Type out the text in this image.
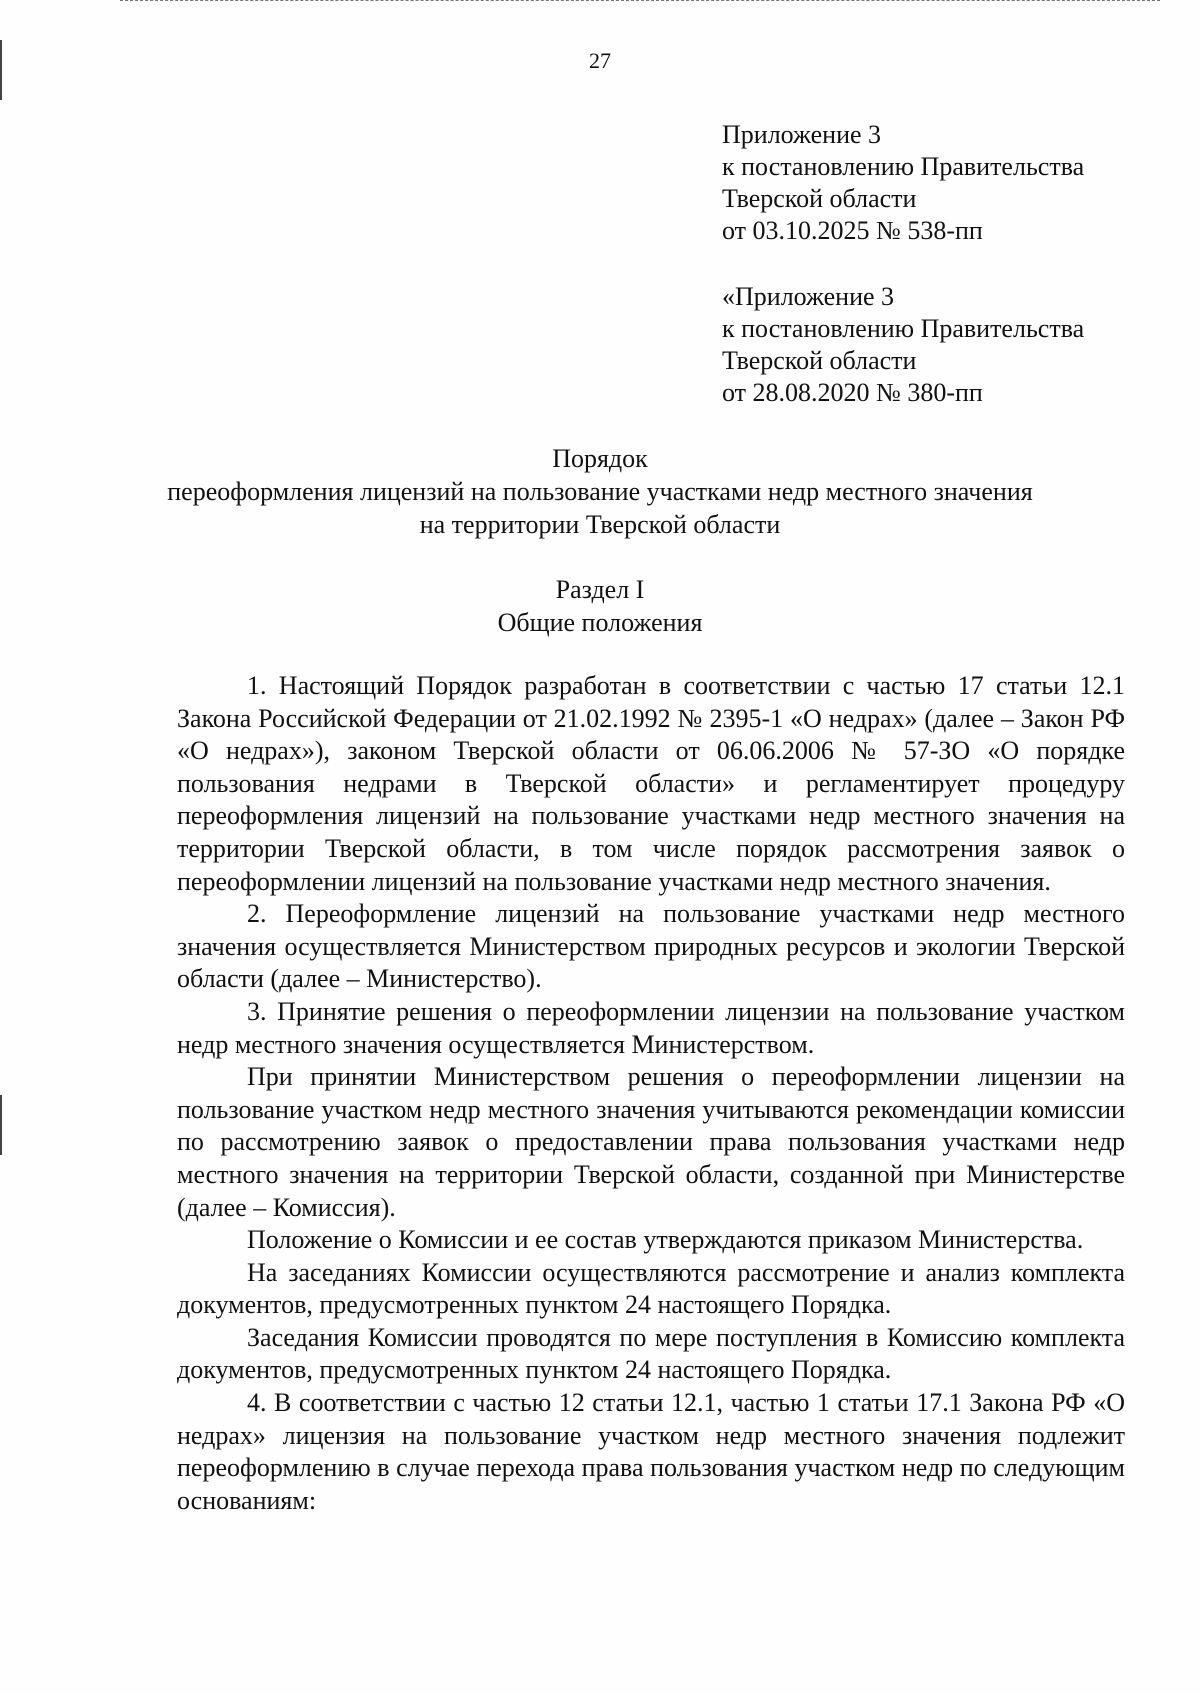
27
Приложение 3
к постановлению Правительства
Тверской области
от 03.10.2025 № 538-пп
«Приложение 3
к постановлению Правительства
Тверской области
от 28.08.2020 № 380-пп
Порядок
переоформления лицензий на пользование участками недр местного значения
на территории Тверской области
Раздел I
Общие положения

1. Настоящий Порядок разработан в соответствии с частью 17 статьи 12.1 Закона Российской Федерации от 21.02.1992 № 2395-1 «О недрах» (далее – Закон РФ «О недрах»), законом Тверской области от 06.06.2006 № 57-ЗО «О порядке пользования недрами в Тверской области» и регламентирует процедуру переоформления лицензий на пользование участками недр местного значения на территории Тверской области, в том числе порядок рассмотрения заявок о переоформлении лицензий на пользование участками недр местного значения.

2. Переоформление лицензий на пользование участками недр местного значения осуществляется Министерством природных ресурсов и экологии Тверской области (далее – Министерство).

3. Принятие решения о переоформлении лицензии на пользование участком недр местного значения осуществляется Министерством.

При принятии Министерством решения о переоформлении лицензии на пользование участком недр местного значения учитываются рекомендации комиссии по рассмотрению заявок о предоставлении права пользования участками недр местного значения на территории Тверской области, созданной при Министерстве (далее – Комиссия).

Положение о Комиссии и ее состав утверждаются приказом Министерства.

На заседаниях Комиссии осуществляются рассмотрение и анализ комплекта документов, предусмотренных пунктом 24 настоящего Порядка.

Заседания Комиссии проводятся по мере поступления в Комиссию комплекта документов, предусмотренных пунктом 24 настоящего Порядка.

4. В соответствии с частью 12 статьи 12.1, частью 1 статьи 17.1 Закона РФ «О недрах» лицензия на пользование участком недр местного значения подлежит переоформлению в случае перехода права пользования участком недр по следующим основаниям:
